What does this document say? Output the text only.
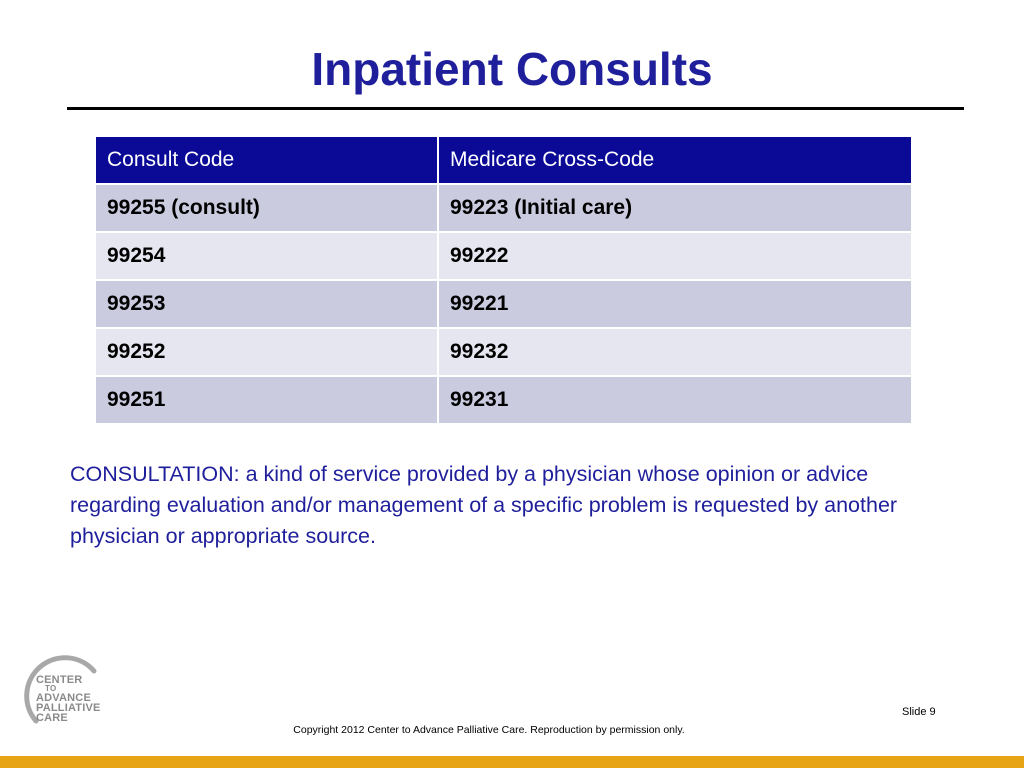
Inpatient Consults
Consult Code	Medicare Cross-Code
99255 (consult)	99223 (Initial care)
99254	99222
99253	99221
99252	99232
99251	99231

CONSULTATION: a kind of service provided by a physician whose opinion or advice regarding evaluation and/or management of a specific problem is requested by another physician or appropriate source.

CENTER
TO
ADVANCE
PALLIATIVE
CARE	Slide 9
Copyright 2012 Center to Advance Palliative Care. Reproduction by permission only.
